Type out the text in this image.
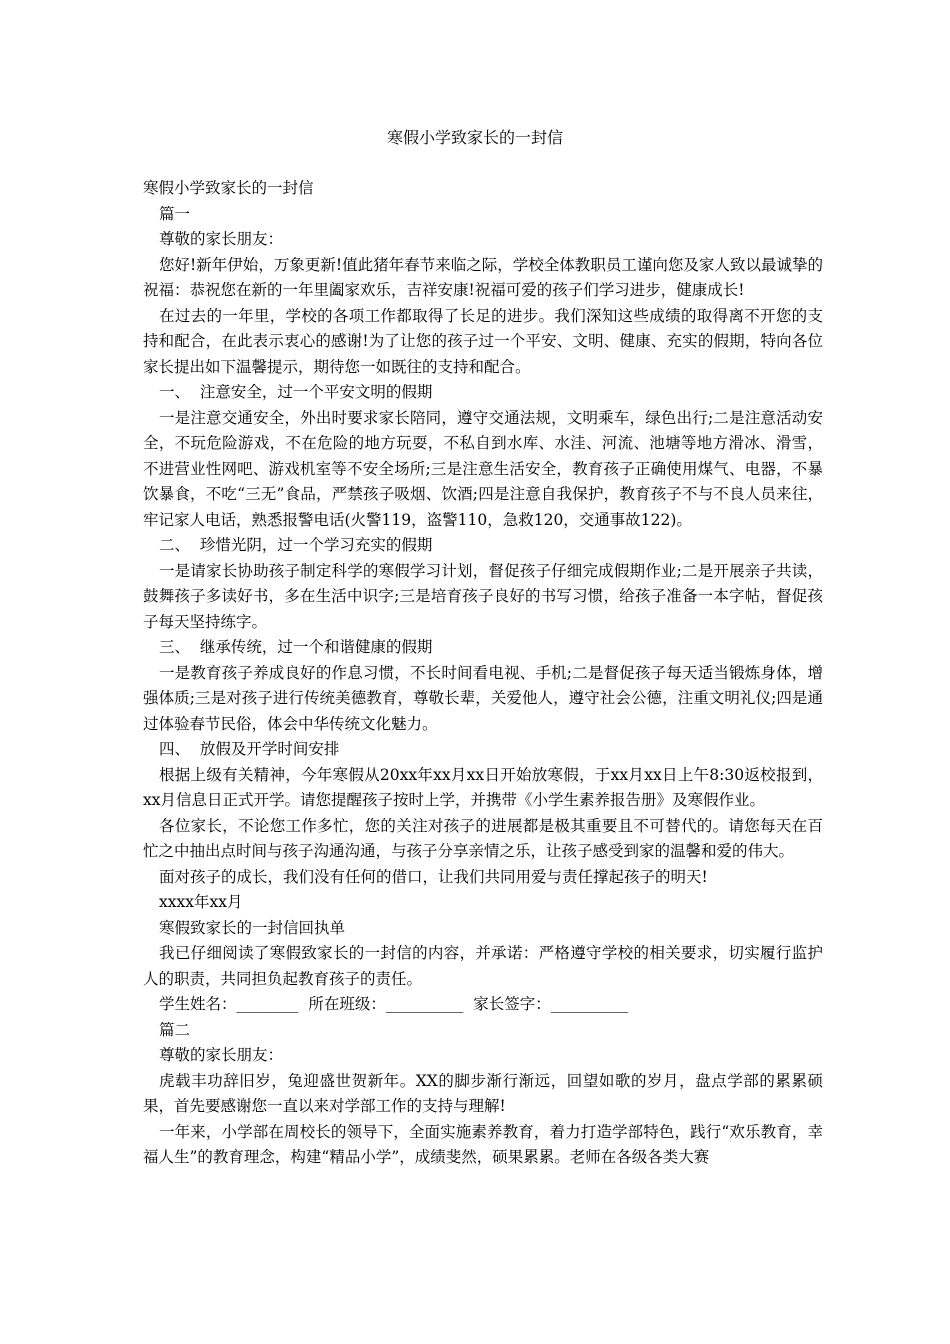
寒假小学致家长的一封信

寒假小学致家长的一封信

篇一

尊敬的家长朋友：

您好!新年伊始，万象更新!值此猪年春节来临之际，学校全体教职员工谨向您及家人致以最诚挚的祝福：恭祝您在新的一年里阖家欢乐，吉祥安康!祝福可爱的孩子们学习进步，健康成长!

在过去的一年里，学校的各项工作都取得了长足的进步。我们深知这些成绩的取得离不开您的支持和配合，在此表示衷心的感谢!为了让您的孩子过一个平安、文明、健康、充实的假期，特向各位家长提出如下温馨提示，期待您一如既往的支持和配合。

一、  注意安全，过一个平安文明的假期

一是注意交通安全，外出时要求家长陪同，遵守交通法规，文明乘车，绿色出行;二是注意活动安全，不玩危险游戏，不在危险的地方玩耍，不私自到水库、水洼、河流、池塘等地方滑冰、滑雪，不进营业性网吧、游戏机室等不安全场所;三是注意生活安全，教育孩子正确使用煤气、电器，不暴饮暴食，不吃“三无”食品，严禁孩子吸烟、饮酒;四是注意自我保护，教育孩子不与不良人员来往，牢记家人电话，熟悉报警电话(火警119，盗警110，急救120，交通事故122)。

二、  珍惜光阴，过一个学习充实的假期

一是请家长协助孩子制定科学的寒假学习计划，督促孩子仔细完成假期作业;二是开展亲子共读，鼓舞孩子多读好书，多在生活中识字;三是培育孩子良好的书写习惯，给孩子准备一本字帖，督促孩子每天坚持练字。

三、  继承传统，过一个和谐健康的假期

一是教育孩子养成良好的作息习惯，不长时间看电视、手机;二是督促孩子每天适当锻炼身体，增强体质;三是对孩子进行传统美德教育，尊敬长辈，关爱他人，遵守社会公德，注重文明礼仪;四是通过体验春节民俗，体会中华传统文化魅力。

四、  放假及开学时间安排

根据上级有关精神，今年寒假从20xx年xx月xx日开始放寒假，于xx月xx日上午8:30返校报到，xx月信息日正式开学。请您提醒孩子按时上学，并携带《小学生素养报告册》及寒假作业。

各位家长，不论您工作多忙，您的关注对孩子的进展都是极其重要且不可替代的。请您每天在百忙之中抽出点时间与孩子沟通沟通，与孩子分享亲情之乐，让孩子感受到家的温馨和爱的伟大。

面对孩子的成长，我们没有任何的借口，让我们共同用爱与责任撑起孩子的明天!

xxxx年xx月

寒假致家长的一封信回执单

我已仔细阅读了寒假致家长的一封信的内容，并承诺：严格遵守学校的相关要求，切实履行监护人的职责，共同担负起教育孩子的责任。

学生姓名：________  所在班级：__________  家长签字：__________

篇二

尊敬的家长朋友：

虎载丰功辞旧岁，兔迎盛世贺新年。XX的脚步渐行渐远，回望如歌的岁月，盘点学部的累累硕果，首先要感谢您一直以来对学部工作的支持与理解!

一年来，小学部在周校长的领导下，全面实施素养教育，着力打造学部特色，践行“欢乐教育，幸福人生”的教育理念，构建“精品小学”，成绩斐然，硕果累累。老师在各级各类大赛
